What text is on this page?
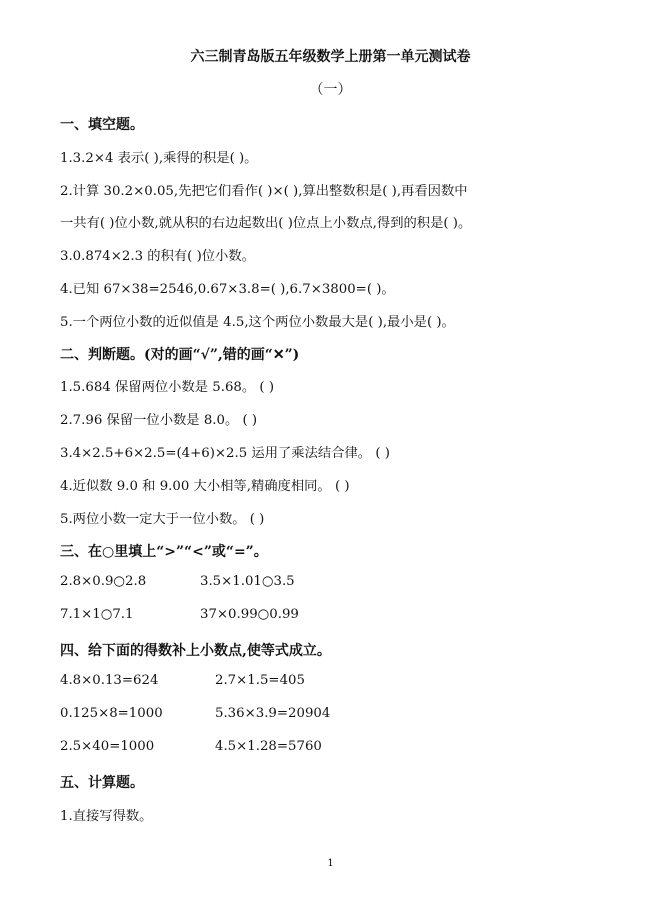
六三制青岛版五年级数学上册第一单元测试卷
（一）
一、填空题。
1.3.2×4 表示( ),乘得的积是( )。
2.计算 30.2×0.05,先把它们看作( )×( ),算出整数积是( ),再看因数中
一共有( )位小数,就从积的右边起数出( )位点上小数点,得到的积是( )。
3.0.874×2.3 的积有( )位小数。
4.已知 67×38=2546,0.67×3.8=( ),6.7×3800=( )。
5.一个两位小数的近似值是 4.5,这个两位小数最大是( ),最小是( )。
二、判断题。(对的画“√”,错的画“✕”)
1.5.684 保留两位小数是 5.68。 ( )
2.7.96 保留一位小数是 8.0。 ( )
3.4×2.5+6×2.5=(4+6)×2.5 运用了乘法结合律。 ( )
4.近似数 9.0 和 9.00 大小相等,精确度相同。 ( )
5.两位小数一定大于一位小数。 ( )
三、在○里填上“>”“<”或“=”。
2.8×0.9○2.8	3.5×1.01○3.5
7.1×1○7.1	37×0.99○0.99
四、给下面的得数补上小数点,使等式成立。
4.8×0.13=624	2.7×1.5=405
0.125×8=1000	5.36×3.9=20904
2.5×40=1000	4.5×1.28=5760
五、计算题。
1.直接写得数。
1
